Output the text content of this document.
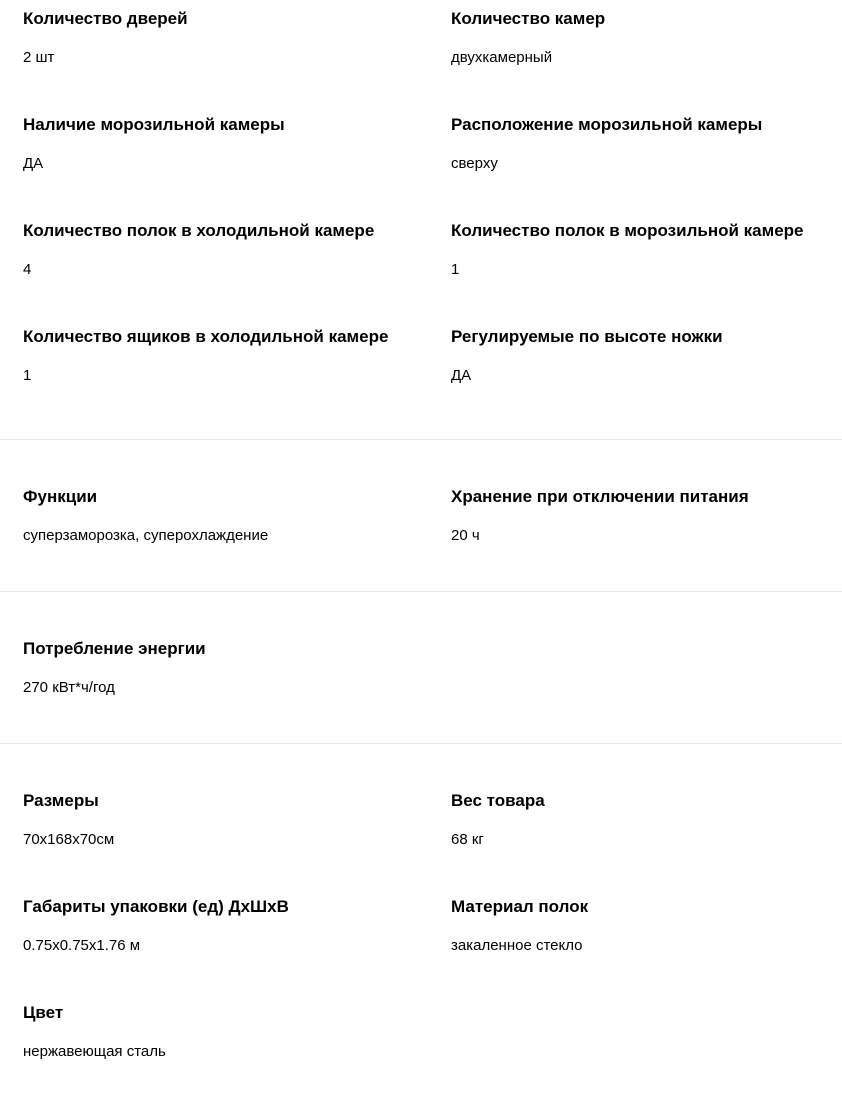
Количество дверей
2 шт
Количество камер
двухкамерный
Наличие морозильной камеры
ДА
Расположение морозильной камеры
сверху
Количество полок в холодильной камере
4
Количество полок в морозильной камере
1
Количество ящиков в холодильной камере
1
Регулируемые по высоте ножки
ДА
Функции
суперзаморозка, суперохлаждение
Хранение при отключении питания
20 ч
Потребление энергии
270 кВт*ч/год
Размеры
70x168x70см
Вес товара
68 кг
Габариты упаковки (ед) ДхШхВ
0.75x0.75x1.76 м
Материал полок
закаленное стекло
Цвет
нержавеющая сталь
